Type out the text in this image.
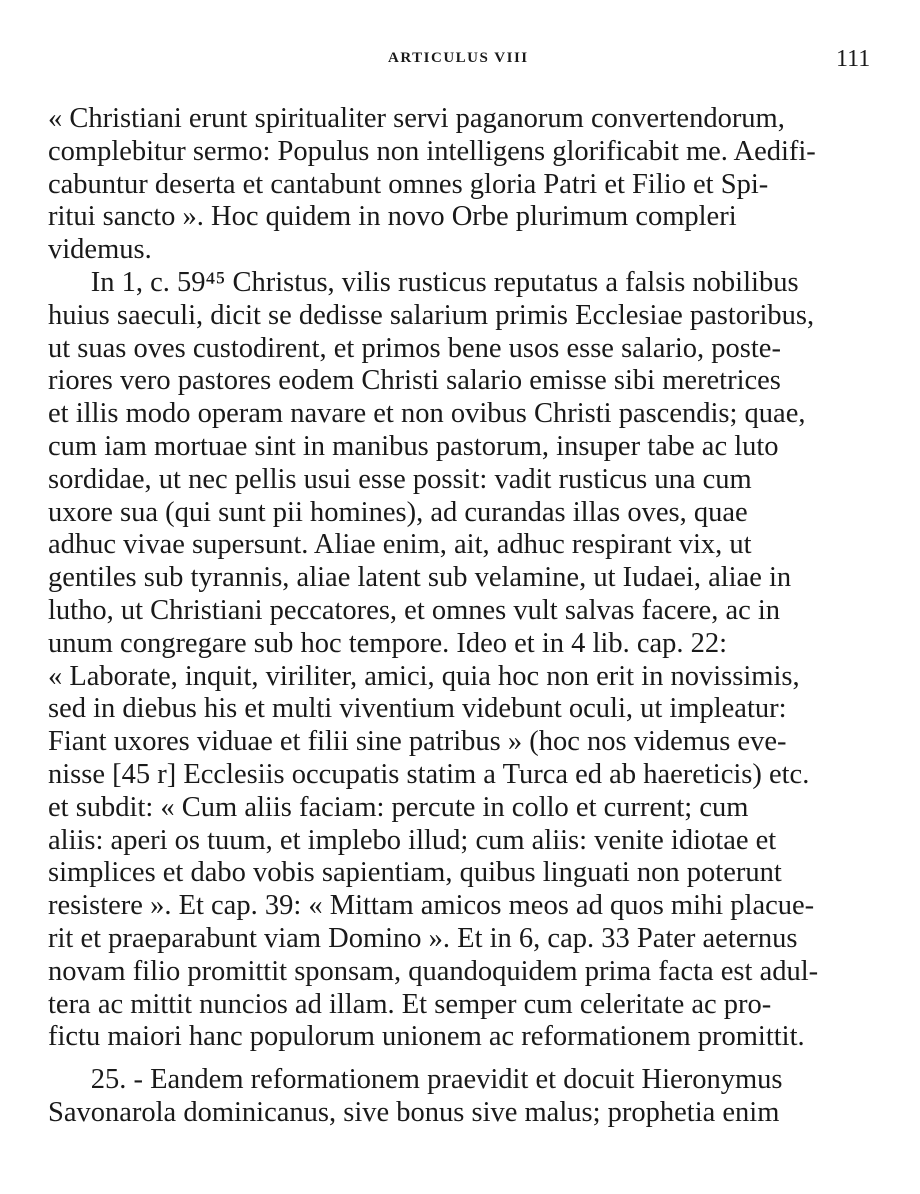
ARTICULUS VIII	111
« Christiani erunt spiritualiter servi paganorum convertendorum,
complebitur sermo: Populus non intelligens glorificabit me. Aedifi-
cabuntur deserta et cantabunt omnes gloria Patri et Filio et Spi-
ritui sancto ». Hoc quidem in novo Orbe plurimum compleri
videmus.
In 1, c. 59⁴⁵ Christus, vilis rusticus reputatus a falsis nobilibus
huius saeculi, dicit se dedisse salarium primis Ecclesiae pastoribus,
ut suas oves custodirent, et primos bene usos esse salario, poste-
riores vero pastores eodem Christi salario emisse sibi meretrices
et illis modo operam navare et non ovibus Christi pascendis; quae,
cum iam mortuae sint in manibus pastorum, insuper tabe ac luto
sordidae, ut nec pellis usui esse possit: vadit rusticus una cum
uxore sua (qui sunt pii homines), ad curandas illas oves, quae
adhuc vivae supersunt. Aliae enim, ait, adhuc respirant vix, ut
gentiles sub tyrannis, aliae latent sub velamine, ut Iudaei, aliae in
lutho, ut Christiani peccatores, et omnes vult salvas facere, ac in
unum congregare sub hoc tempore. Ideo et in 4 lib. cap. 22:
« Laborate, inquit, viriliter, amici, quia hoc non erit in novissimis,
sed in diebus his et multi viventium videbunt oculi, ut impleatur:
Fiant uxores viduae et filii sine patribus » (hoc nos videmus eve-
nisse [45 r] Ecclesiis occupatis statim a Turca ed ab haereticis) etc.
et subdit: « Cum aliis faciam: percute in collo et current; cum
aliis: aperi os tuum, et implebo illud; cum aliis: venite idiotae et
simplices et dabo vobis sapientiam, quibus linguati non poterunt
resistere ». Et cap. 39: « Mittam amicos meos ad quos mihi placue-
rit et praeparabunt viam Domino ». Et in 6, cap. 33 Pater aeternus
novam filio promittit sponsam, quandoquidem prima facta est adul-
tera ac mittit nuncios ad illam. Et semper cum celeritate ac pro-
fictu maiori hanc populorum unionem ac reformationem promittit.
25. - Eandem reformationem praevidit et docuit Hieronymus
Savonarola dominicanus, sive bonus sive malus; prophetia enim
